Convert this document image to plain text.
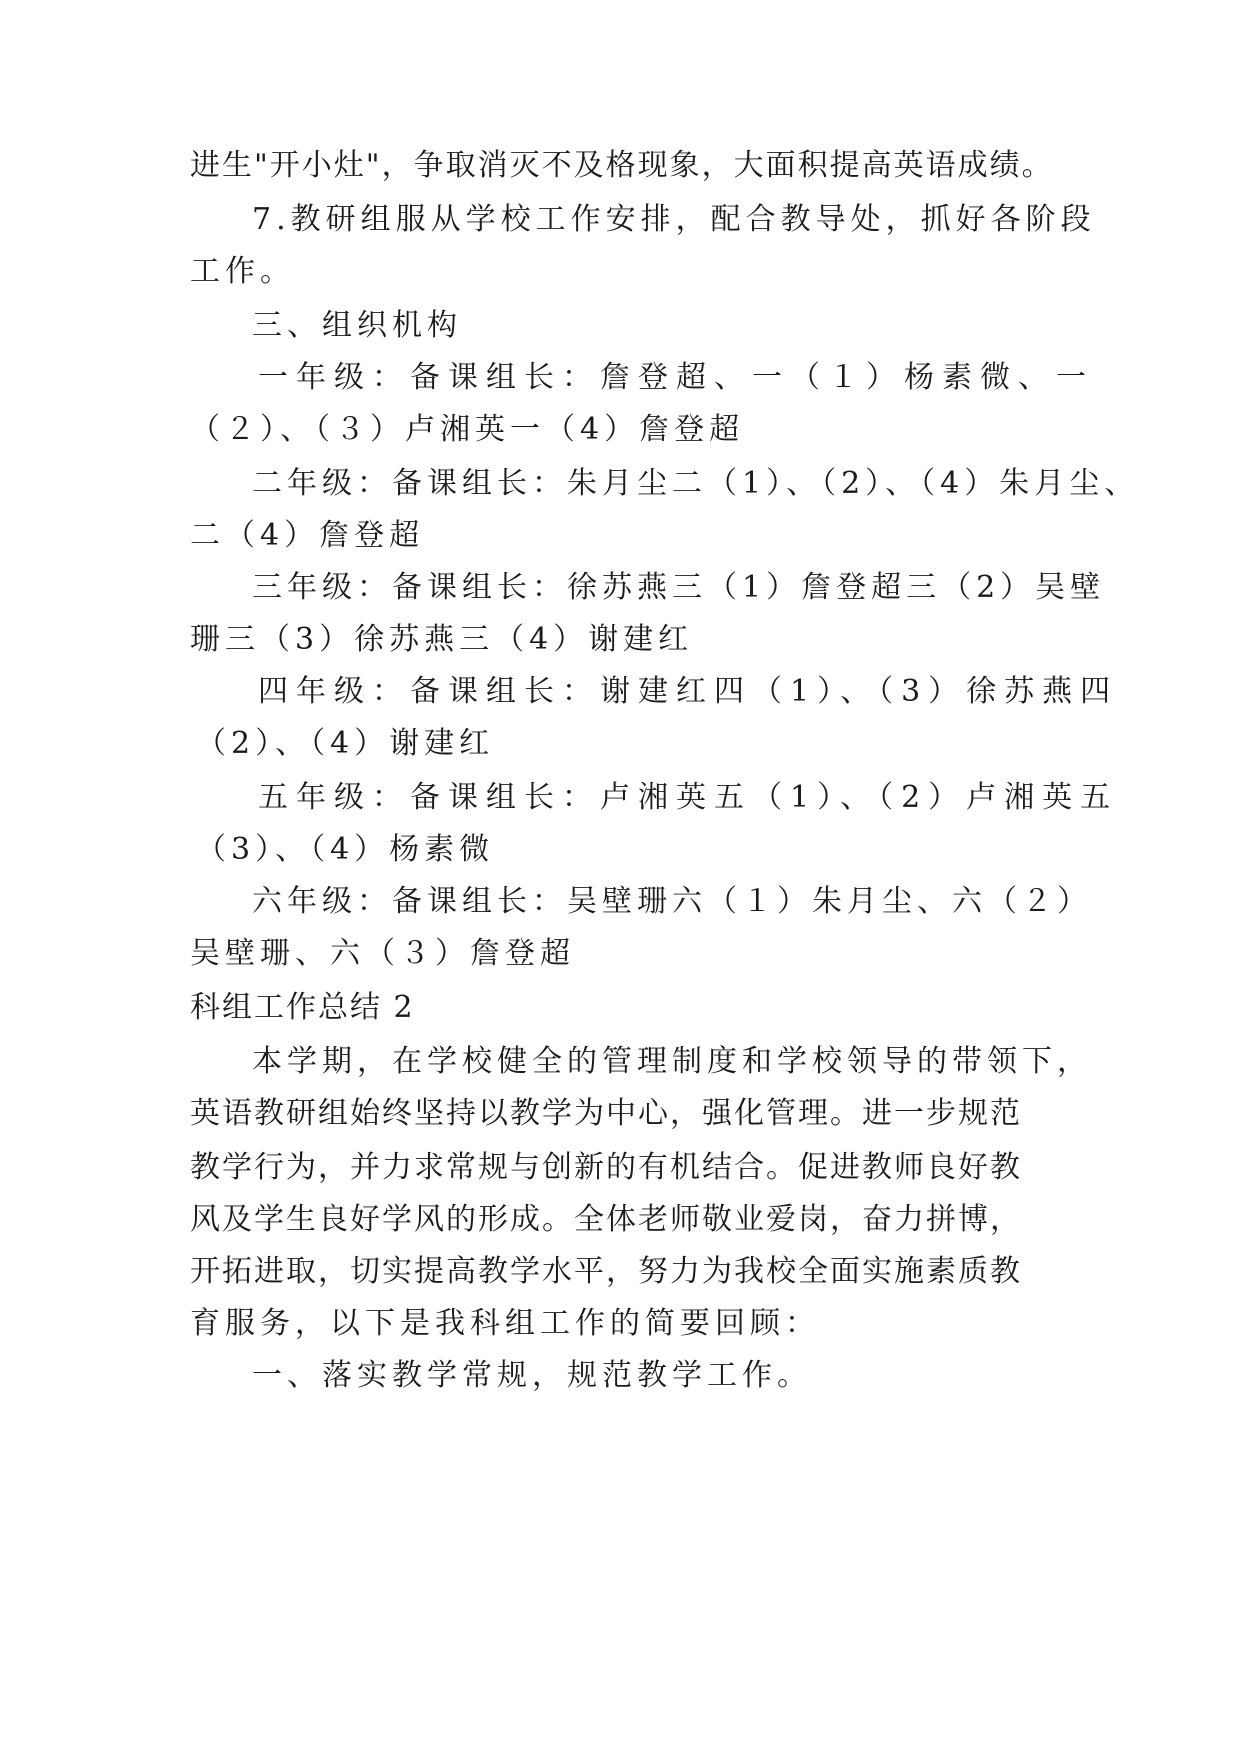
进生"开小灶"，争取消灭不及格现象，大面积提高英语成绩。
7.教研组服从学校工作安排，配合教导处，抓好各阶段
工作。
三、组织机构
一年级：备课组长：詹登超、一（１）杨素微、一
（２）、（３）卢湘英一（4）詹登超
二年级：备课组长：朱月尘二（1）、（2）、（4）朱月尘、
二（4）詹登超
三年级：备课组长：徐苏燕三（1）詹登超三（2）吴壁
珊三（3）徐苏燕三（4）谢建红
四年级：备课组长：谢建红四（1）、（3）徐苏燕四
（2）、（4）谢建红
五年级：备课组长：卢湘英五（1）、（2）卢湘英五
（3）、（4）杨素微
六年级：备课组长：吴壁珊六（１）朱月尘、六（２）
吴壁珊、六（３）詹登超
科组工作总结 2
本学期，在学校健全的管理制度和学校领导的带领下，
英语教研组始终坚持以教学为中心，强化管理。进一步规范
教学行为，并力求常规与创新的有机结合。促进教师良好教
风及学生良好学风的形成。全体老师敬业爱岗，奋力拼博，
开拓进取，切实提高教学水平，努力为我校全面实施素质教
育服务，以下是我科组工作的简要回顾：
一、落实教学常规，规范教学工作。
